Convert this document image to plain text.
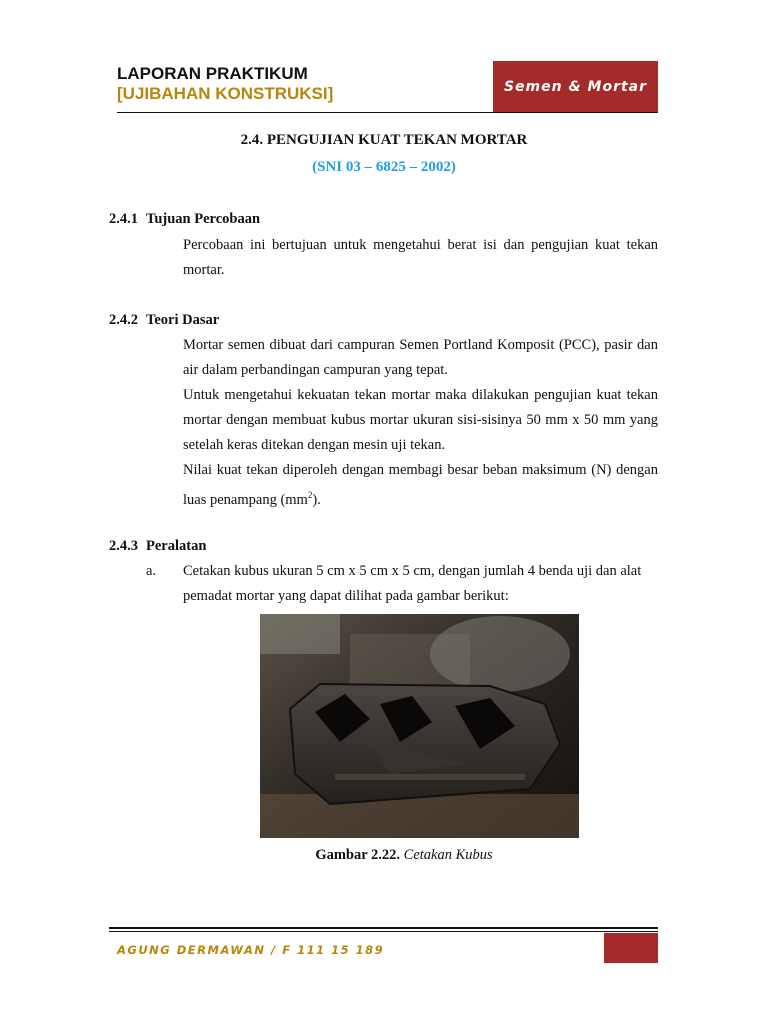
LAPORAN PRAKTIKUM
[UJIBAHAN KONSTRUKSI]	Semen & Mortar
2.4. PENGUJIAN KUAT TEKAN MORTAR
(SNI 03 – 6825 – 2002)
2.4.1 Tujuan Percobaan
Percobaan ini bertujuan untuk mengetahui berat isi dan pengujian kuat tekan mortar.
2.4.2 Teori Dasar
Mortar semen dibuat dari campuran Semen Portland Komposit (PCC), pasir dan air dalam perbandingan campuran yang tepat.
Untuk mengetahui kekuatan tekan mortar maka dilakukan pengujian kuat tekan mortar dengan membuat kubus mortar ukuran sisi-sisinya 50 mm x 50 mm yang setelah keras ditekan dengan mesin uji tekan.
Nilai kuat tekan diperoleh dengan membagi besar beban maksimum (N) dengan luas penampang $(mm^2)$.
2.4.3 Peralatan
a. Cetakan kubus ukuran 5 cm x 5 cm x 5 cm, dengan jumlah 4 benda uji dan alat pemadat mortar yang dapat dilihat pada gambar berikut:
Gambar 2.22. Cetakan Kubus
AGUNG DERMAWAN / F 111 15 189
